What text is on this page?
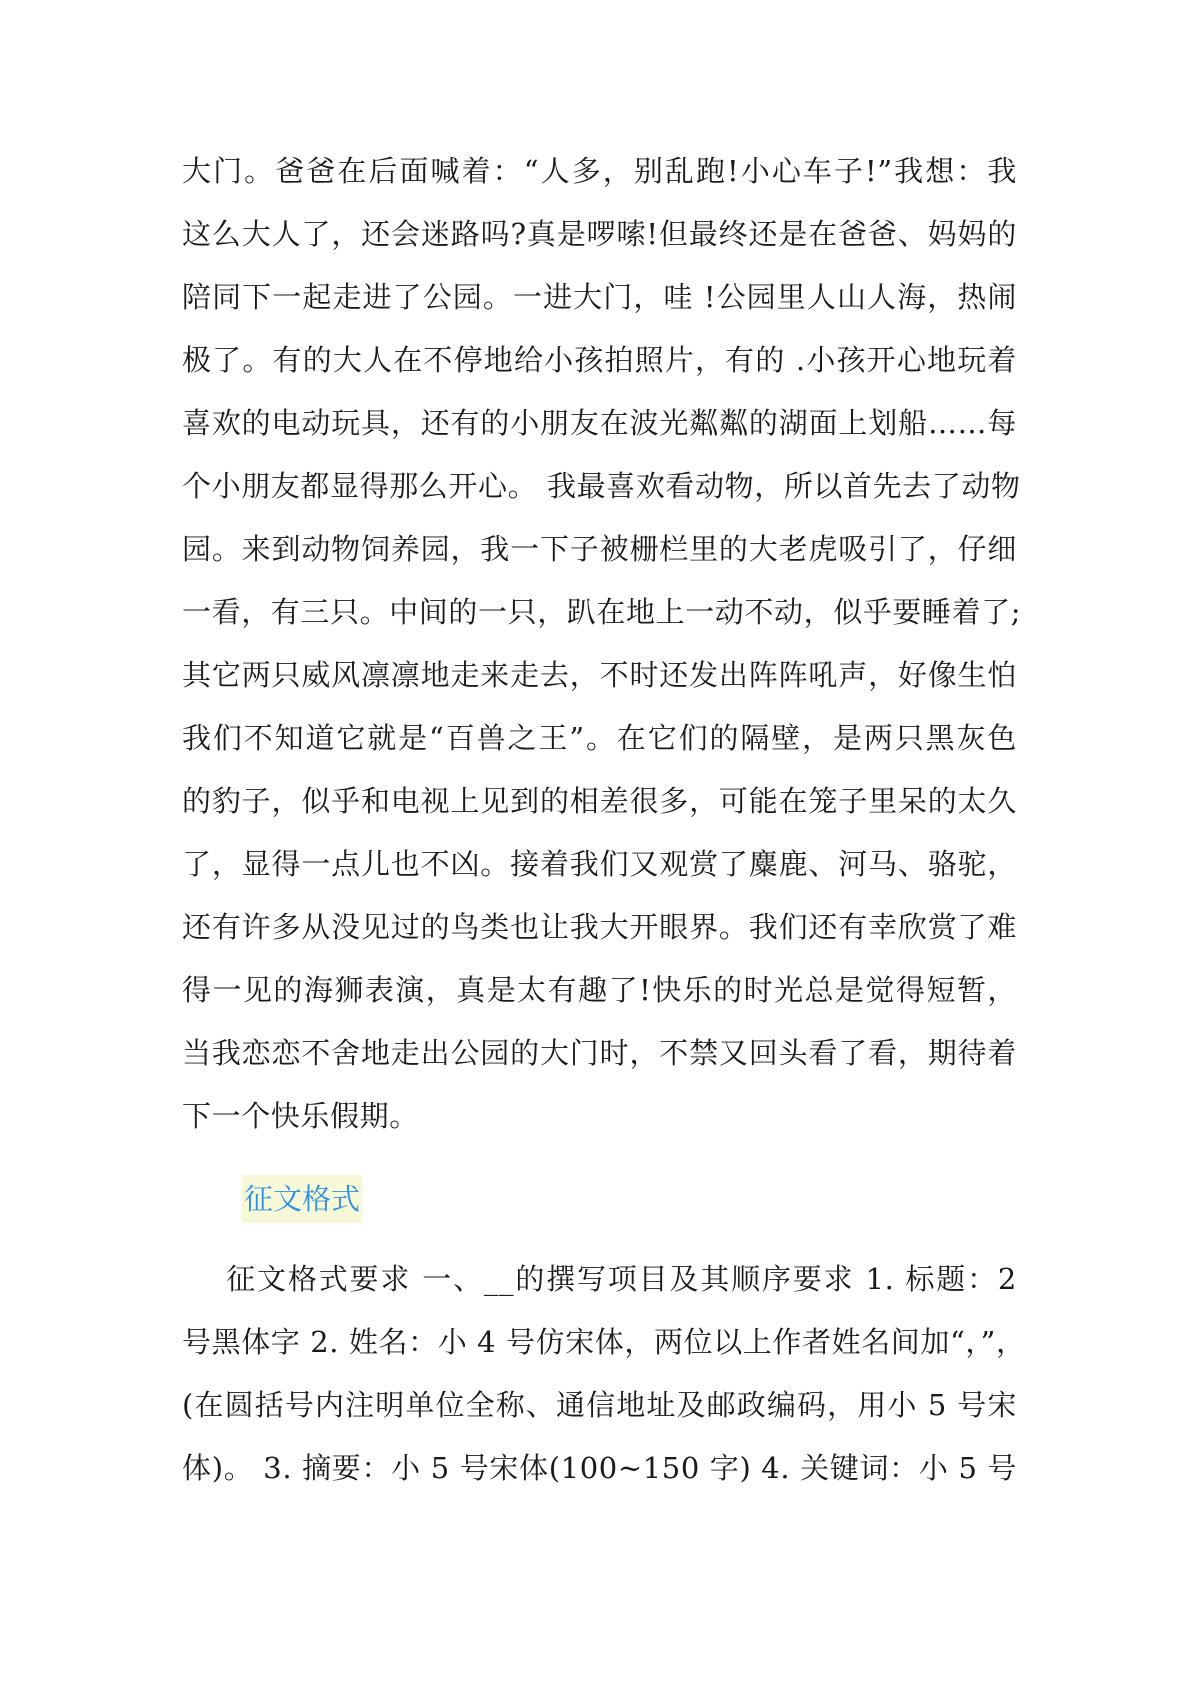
大门。爸爸在后面喊着：“人多，别乱跑!小心车子!”我想：我
这么大人了，还会迷路吗?真是啰嗦!但最终还是在爸爸、妈妈的
陪同下一起走进了公园。一进大门，哇 !公园里人山人海，热闹
极了。有的大人在不停地给小孩拍照片，有的 .小孩开心地玩着
喜欢的电动玩具，还有的小朋友在波光粼粼的湖面上划船……每
个小朋友都显得那么开心。 我最喜欢看动物，所以首先去了动物
园。来到动物饲养园，我一下子被栅栏里的大老虎吸引了，仔细
一看，有三只。中间的一只，趴在地上一动不动，似乎要睡着了;
其它两只威风凛凛地走来走去，不时还发出阵阵吼声，好像生怕
我们不知道它就是“百兽之王”。在它们的隔壁，是两只黑灰色
的豹子，似乎和电视上见到的相差很多，可能在笼子里呆的太久
了，显得一点儿也不凶。接着我们又观赏了麋鹿、河马、骆驼，
还有许多从没见过的鸟类也让我大开眼界。我们还有幸欣赏了难
得一见的海狮表演，真是太有趣了!快乐的时光总是觉得短暂，
当我恋恋不舍地走出公园的大门时，不禁又回头看了看，期待着
下一个快乐假期。
征文格式
征文格式要求 一、__的撰写项目及其顺序要求 1. 标题：2
号黑体字 2. 姓名：小 4 号仿宋体，两位以上作者姓名间加“，”，
(在圆括号内注明单位全称、通信地址及邮政编码，用小 5 号宋
体)。 3. 摘要：小 5 号宋体(100~150 字) 4. 关键词：小 5 号
